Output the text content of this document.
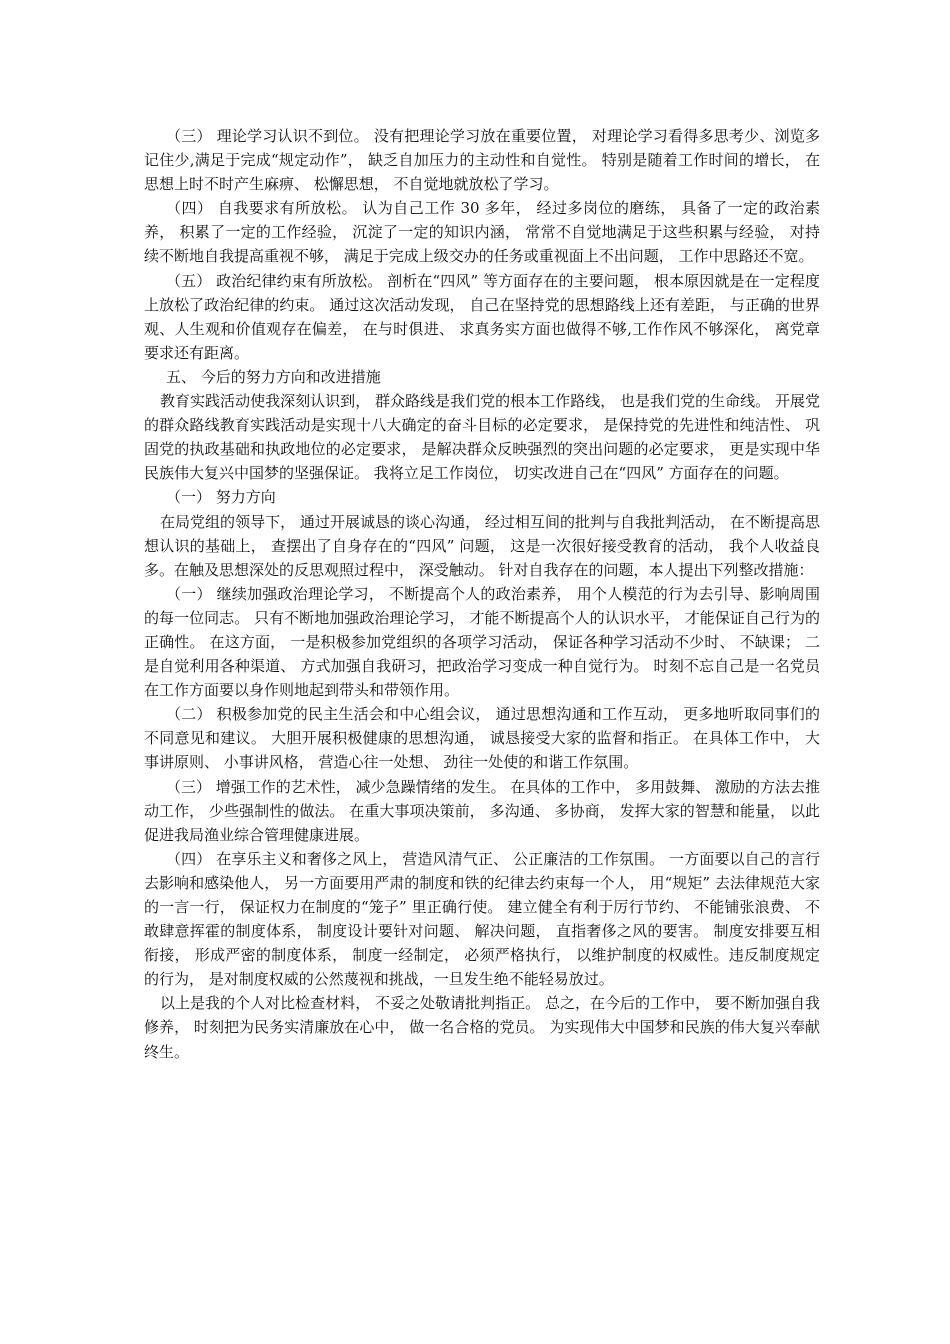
（三） 理论学习认识不到位。 没有把理论学习放在重要位置， 对理论学习看得多思考少、浏览多记住少,满足于完成“规定动作”， 缺乏自加压力的主动性和自觉性。 特别是随着工作时间的增长， 在思想上时不时产生麻痹、 松懈思想， 不自觉地就放松了学习。

（四） 自我要求有所放松。 认为自己工作 30 多年， 经过多岗位的磨练， 具备了一定的政治素养， 积累了一定的工作经验， 沉淀了一定的知识内涵， 常常不自觉地满足于这些积累与经验， 对持续不断地自我提高重视不够， 满足于完成上级交办的任务或重视面上不出问题， 工作中思路还不宽。

（五） 政治纪律约束有所放松。 剖析在“四风” 等方面存在的主要问题， 根本原因就是在一定程度上放松了政治纪律的约束。 通过这次活动发现， 自己在坚持党的思想路线上还有差距， 与正确的世界观、人生观和价值观存在偏差， 在与时俱进、 求真务实方面也做得不够,工作作风不够深化， 离党章要求还有距离。

五、 今后的努力方向和改进措施

教育实践活动使我深刻认识到， 群众路线是我们党的根本工作路线， 也是我们党的生命线。 开展党的群众路线教育实践活动是实现十八大确定的奋斗目标的必定要求， 是保持党的先进性和纯洁性、 巩固党的执政基础和执政地位的必定要求， 是解决群众反映强烈的突出问题的必定要求， 更是实现中华民族伟大复兴中国梦的坚强保证。 我将立足工作岗位， 切实改进自己在“四风” 方面存在的问题。

（一） 努力方向

在局党组的领导下， 通过开展诚恳的谈心沟通， 经过相互间的批判与自我批判活动， 在不断提高思想认识的基础上， 查摆出了自身存在的“四风” 问题， 这是一次很好接受教育的活动， 我个人收益良多。在触及思想深处的反思观照过程中， 深受触动。 针对自我存在的问题，本人提出下列整改措施：

（一） 继续加强政治理论学习， 不断提高个人的政治素养， 用个人模范的行为去引导、影响周围的每一位同志。 只有不断地加强政治理论学习， 才能不断提高个人的认识水平， 才能保证自己行为的正确性。 在这方面， 一是积极参加党组织的各项学习活动， 保证各种学习活动不少时、 不缺课； 二是自觉利用各种渠道、 方式加强自我研习，把政治学习变成一种自觉行为。 时刻不忘自己是一名党员在工作方面要以身作则地起到带头和带领作用。

（二） 积极参加党的民主生活会和中心组会议， 通过思想沟通和工作互动， 更多地听取同事们的不同意见和建议。 大胆开展积极健康的思想沟通， 诚恳接受大家的监督和指正。 在具体工作中， 大事讲原则、 小事讲风格， 营造心往一处想、 劲往一处使的和谐工作氛围。

（三） 增强工作的艺术性， 减少急躁情绪的发生。 在具体的工作中， 多用鼓舞、 激励的方法去推动工作， 少些强制性的做法。 在重大事项决策前， 多沟通、 多协商， 发挥大家的智慧和能量， 以此促进我局渔业综合管理健康进展。

（四） 在享乐主义和奢侈之风上， 营造风清气正、 公正廉洁的工作氛围。 一方面要以自己的言行去影响和感染他人， 另一方面要用严肃的制度和铁的纪律去约束每一个人， 用“规矩” 去法律规范大家的一言一行， 保证权力在制度的“笼子” 里正确行使。 建立健全有利于厉行节约、 不能铺张浪费、 不敢肆意挥霍的制度体系， 制度设计要针对问题、 解决问题， 直指奢侈之风的要害。 制度安排要互相衔接， 形成严密的制度体系， 制度一经制定， 必须严格执行， 以维护制度的权威性。违反制度规定的行为， 是对制度权威的公然蔑视和挑战，一旦发生绝不能轻易放过。

以上是我的个人对比检查材料， 不妥之处敬请批判指正。 总之，在今后的工作中， 要不断加强自我修养， 时刻把为民务实清廉放在心中， 做一名合格的党员。 为实现伟大中国梦和民族的伟大复兴奉献终生。
